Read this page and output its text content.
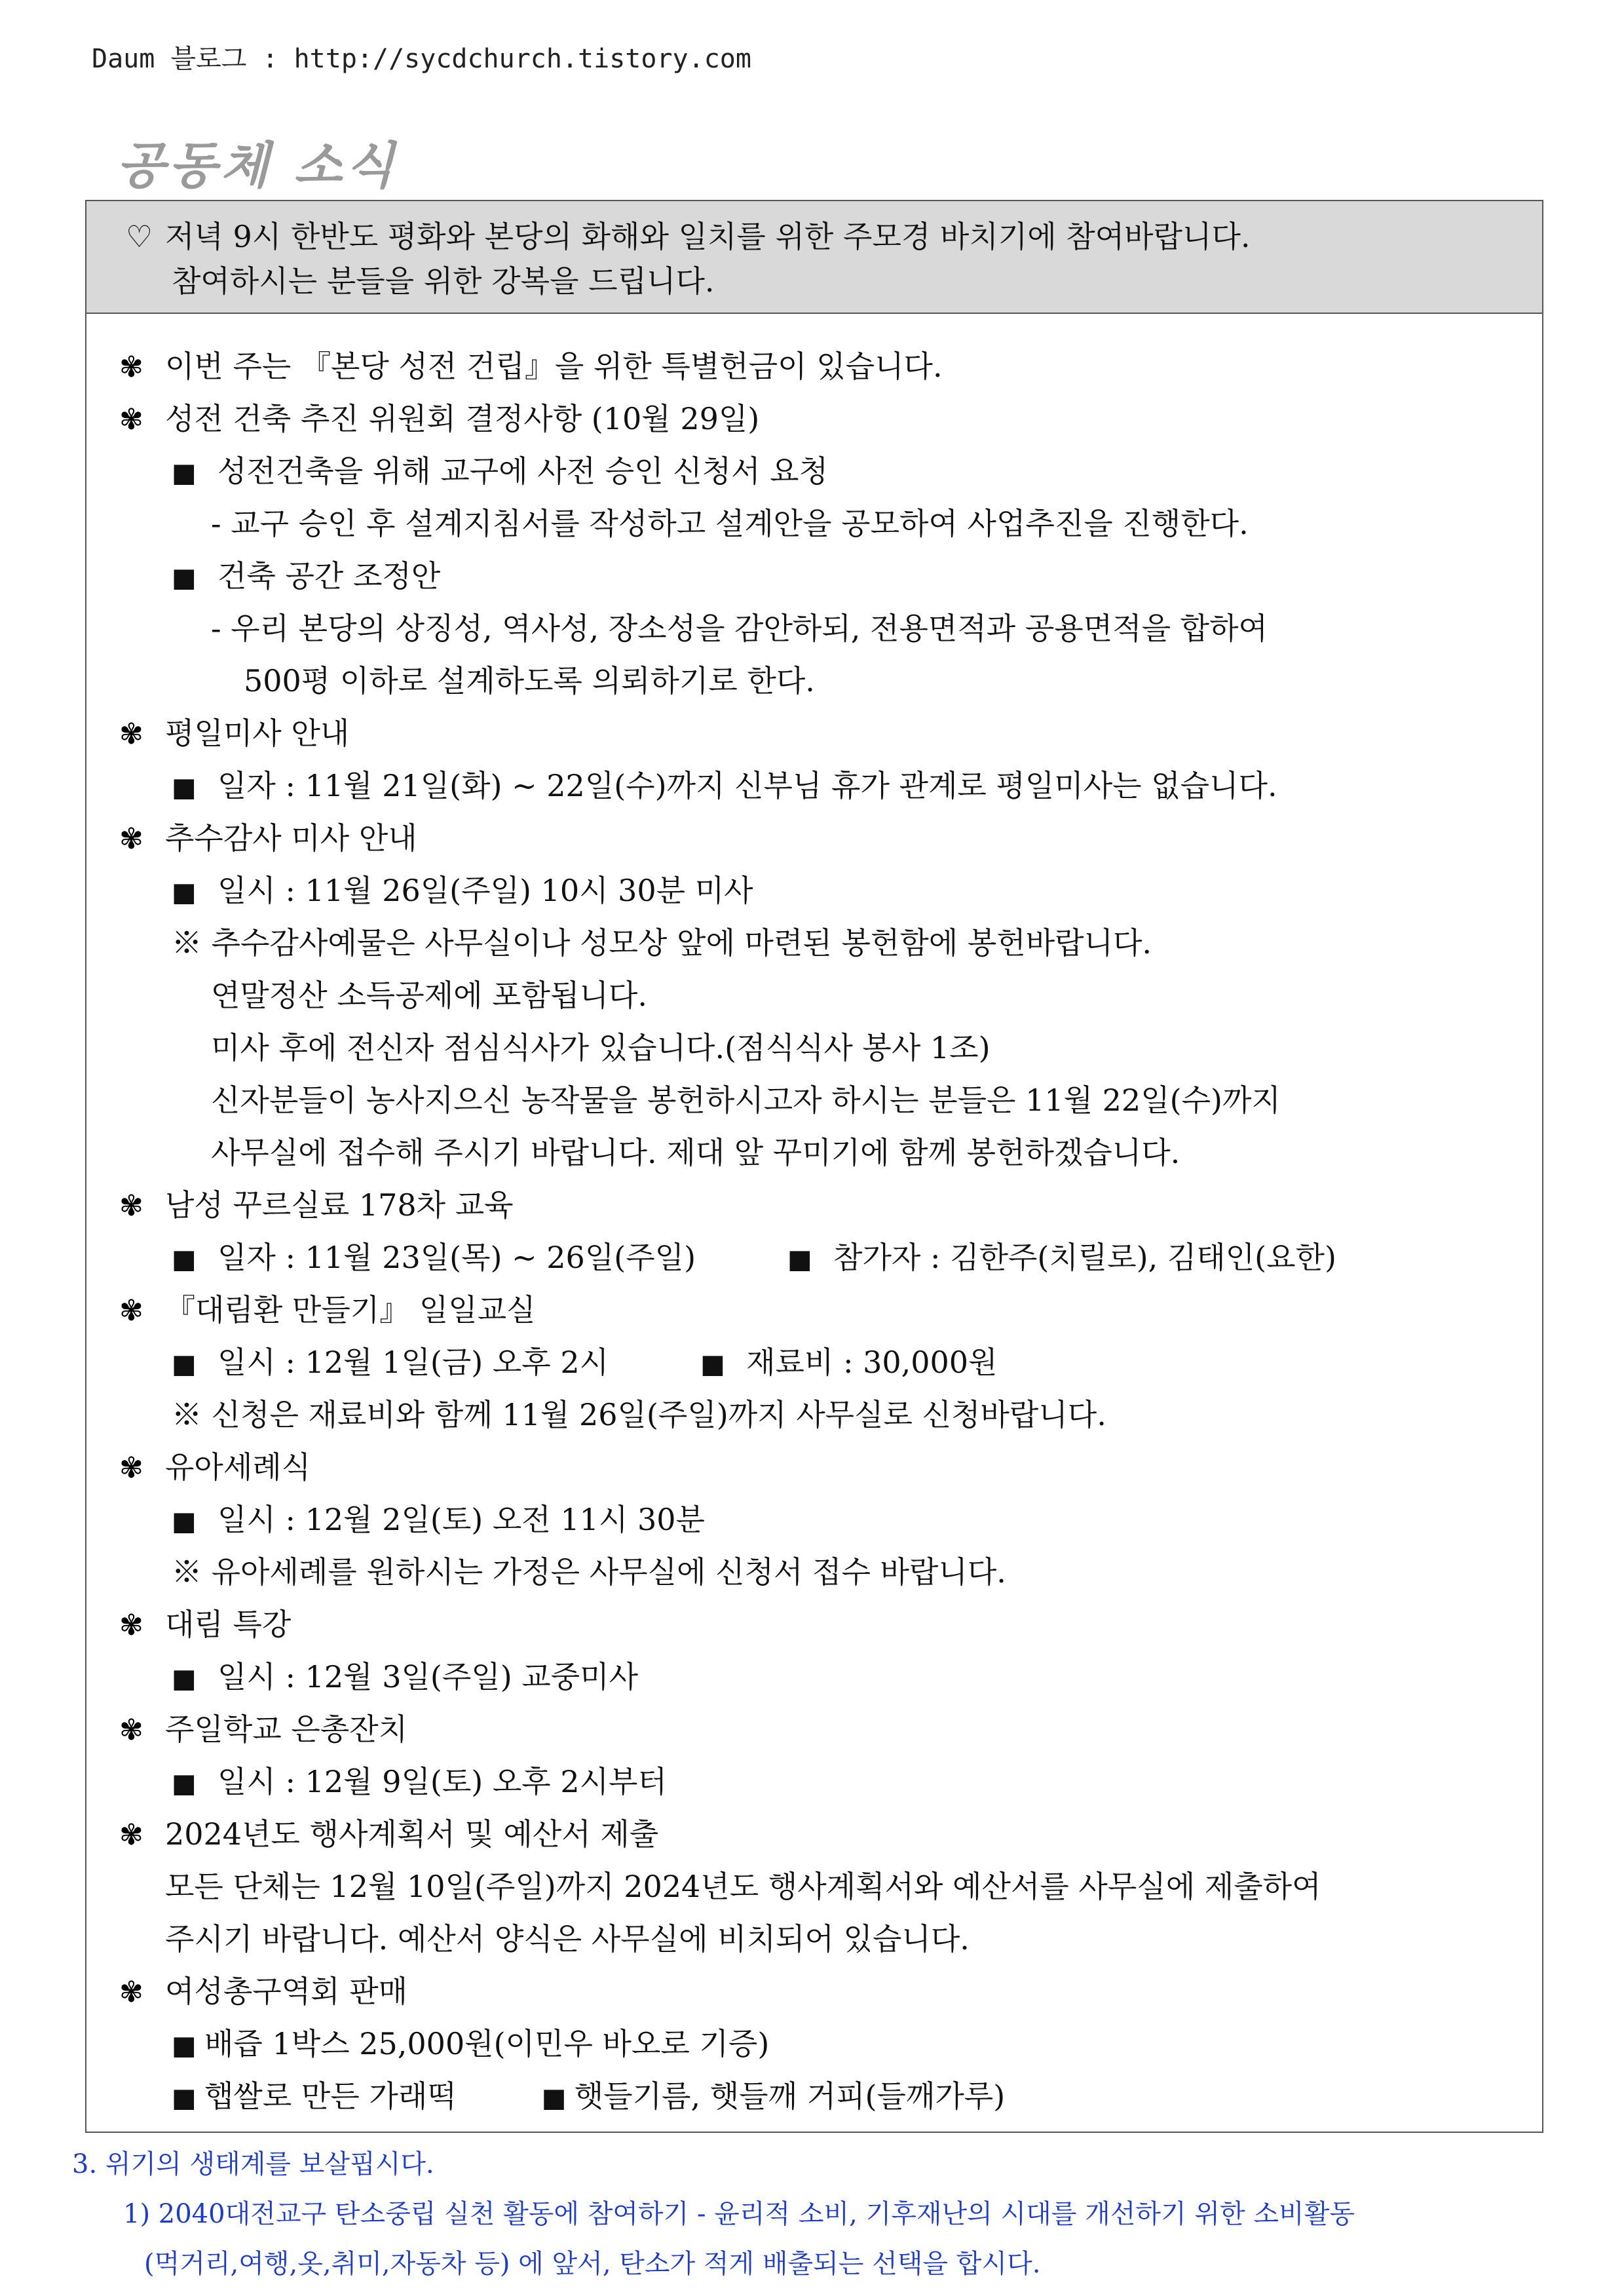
Daum 블로그 : http://sycdchurch.tistory.com
공동체 소식
♡ 저녁 9시 한반도 평화와 본당의 화해와 일치를 위한 주모경 바치기에 참여바랍니다.
참여하시는 분들을 위한 강복을 드립니다.
✾ 이번 주는 『본당 성전 건립』을 위한 특별헌금이 있습니다.
✾ 성전 건축 추진 위원회 결정사항 (10월 29일)
■ 성전건축을 위해 교구에 사전 승인 신청서 요청
- 교구 승인 후 설계지침서를 작성하고 설계안을 공모하여 사업추진을 진행한다.
■ 건축 공간 조정안
- 우리 본당의 상징성, 역사성, 장소성을 감안하되, 전용면적과 공용면적을 합하여
500평 이하로 설계하도록 의뢰하기로 한다.
✾ 평일미사 안내
■ 일자 : 11월 21일(화) ~ 22일(수)까지 신부님 휴가 관계로 평일미사는 없습니다.
✾ 추수감사 미사 안내
■ 일시 : 11월 26일(주일) 10시 30분 미사
※ 추수감사예물은 사무실이나 성모상 앞에 마련된 봉헌함에 봉헌바랍니다.
연말정산 소득공제에 포함됩니다.
미사 후에 전신자 점심식사가 있습니다.(점식식사 봉사 1조)
신자분들이 농사지으신 농작물을 봉헌하시고자 하시는 분들은 11월 22일(수)까지
사무실에 접수해 주시기 바랍니다. 제대 앞 꾸미기에 함께 봉헌하겠습니다.
✾ 남성 꾸르실료 178차 교육
■ 일자 : 11월 23일(목) ~ 26일(주일)	■ 참가자 : 김한주(치릴로), 김태인(요한)
✾ 『대림환 만들기』 일일교실
■ 일시 : 12월 1일(금) 오후 2시	■ 재료비 : 30,000원
※ 신청은 재료비와 함께 11월 26일(주일)까지 사무실로 신청바랍니다.
✾ 유아세례식
■ 일시 : 12월 2일(토) 오전 11시 30분
※ 유아세례를 원하시는 가정은 사무실에 신청서 접수 바랍니다.
✾ 대림 특강
■ 일시 : 12월 3일(주일) 교중미사
✾ 주일학교 은총잔치
■ 일시 : 12월 9일(토) 오후 2시부터
✾ 2024년도 행사계획서 및 예산서 제출
모든 단체는 12월 10일(주일)까지 2024년도 행사계획서와 예산서를 사무실에 제출하여
주시기 바랍니다. 예산서 양식은 사무실에 비치되어 있습니다.
✾ 여성총구역회 판매
■ 배즙 1박스 25,000원(이민우 바오로 기증)
■ 햅쌀로 만든 가래떡	■ 햇들기름, 햇들깨 거피(들깨가루)
3. 위기의 생태계를 보살핍시다.
1) 2040대전교구 탄소중립 실천 활동에 참여하기 - 윤리적 소비, 기후재난의 시대를 개선하기 위한 소비활동
(먹거리,여행,옷,취미,자동차 등) 에 앞서, 탄소가 적게 배출되는 선택을 합시다.
